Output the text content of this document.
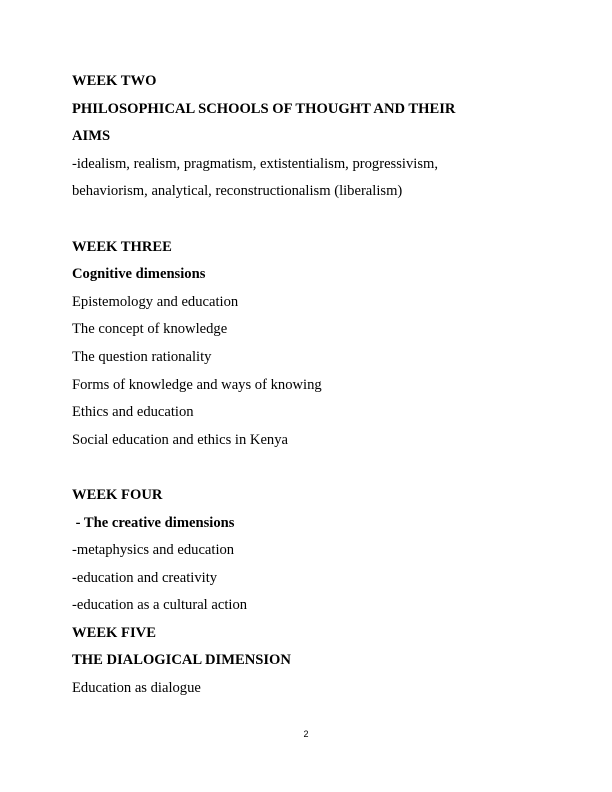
WEEK TWO
PHILOSOPHICAL SCHOOLS OF THOUGHT AND THEIR
AIMS
-idealism, realism, pragmatism, extistentialism, progressivism,
behaviorism, analytical, reconstructionalism (liberalism)
WEEK THREE
Cognitive dimensions
Epistemology and education
The concept of knowledge
The question rationality
Forms of knowledge and ways of knowing
Ethics and education
Social education and ethics in Kenya
WEEK FOUR
- The creative dimensions
-metaphysics and education
-education and creativity
-education as a cultural action
WEEK FIVE
THE DIALOGICAL DIMENSION
Education as dialogue
2
